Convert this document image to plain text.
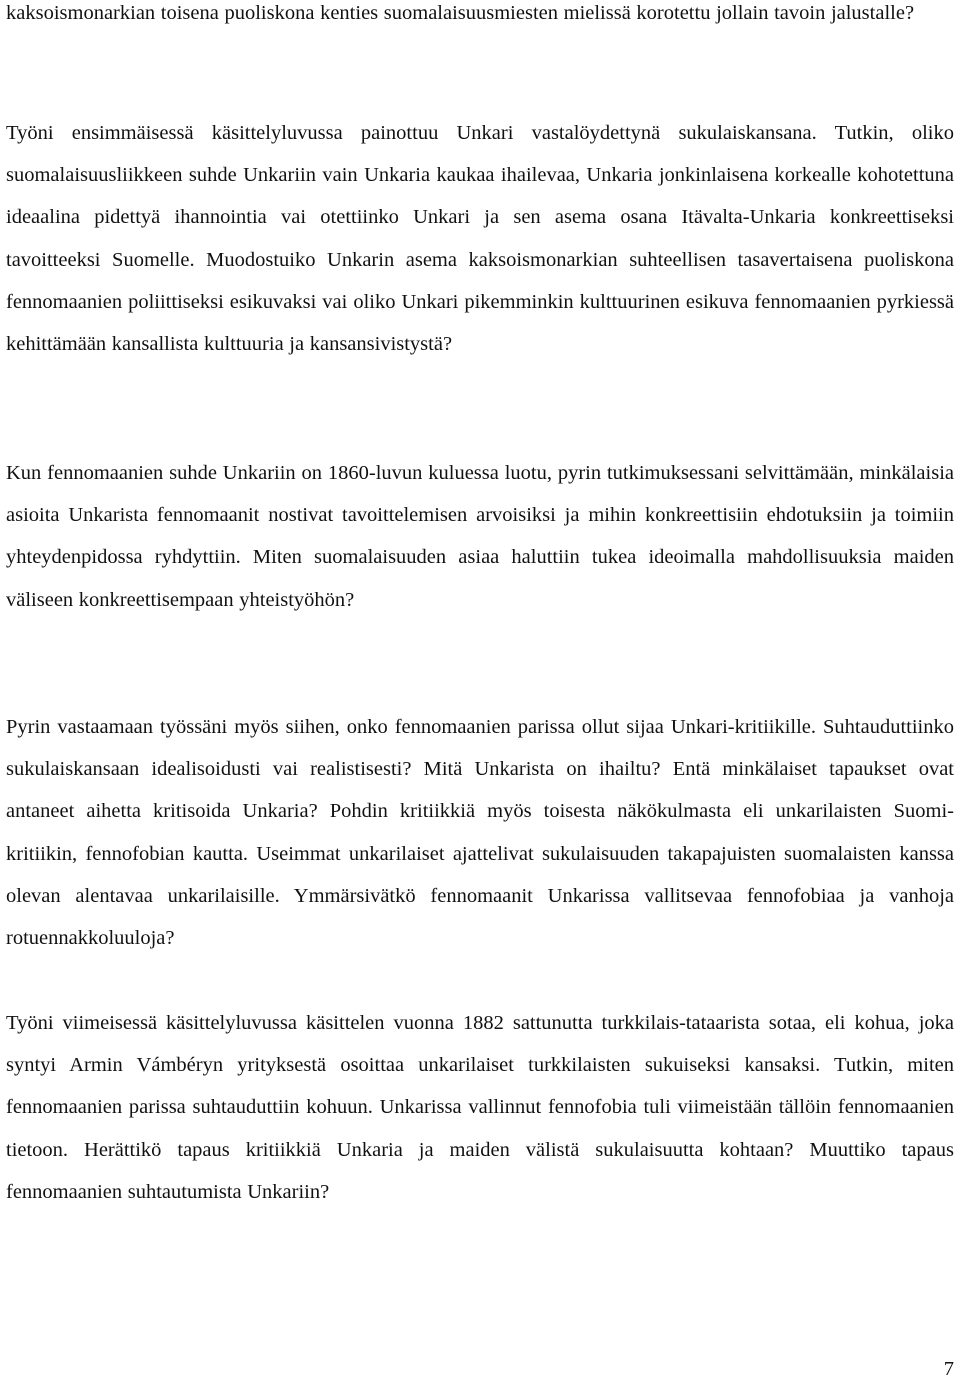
kaksoismonarkian toisena puoliskona kenties suomalaisuusmiesten mielissä korotettu jollain tavoin jalustalle?

Työni ensimmäisessä käsittelyluvussa painottuu Unkari vastalöydettynä sukulaiskansana. Tutkin, oliko suomalaisuusliikkeen suhde Unkariin vain Unkaria kaukaa ihailevaa, Unkaria jonkinlaisena korkealle kohotettuna ideaalina pidettyä ihannointia vai otettiinko Unkari ja sen asema osana Itävalta-Unkaria konkreettiseksi tavoitteeksi Suomelle. Muodostuiko Unkarin asema kaksoismonarkian suhteellisen tasavertaisena puoliskona fennomaanien poliittiseksi esikuvaksi vai oliko Unkari pikemminkin kulttuurinen esikuva fennomaanien pyrkiessä kehittämään kansallista kulttuuria ja kansansivistystä?

Kun fennomaanien suhde Unkariin on 1860-luvun kuluessa luotu, pyrin tutkimuksessani selvittämään, minkälaisia asioita Unkarista fennomaanit nostivat tavoittelemisen arvoisiksi ja mihin konkreettisiin ehdotuksiin ja toimiin yhteydenpidossa ryhdyttiin. Miten suomalaisuuden asiaa haluttiin tukea ideoimalla mahdollisuuksia maiden väliseen konkreettisempaan yhteistyöhön?

Pyrin vastaamaan työssäni myös siihen, onko fennomaanien parissa ollut sijaa Unkari-kritiikille. Suhtauduttiinko sukulaiskansaan idealisoidusti vai realistisesti? Mitä Unkarista on ihailtu? Entä minkälaiset tapaukset ovat antaneet aihetta kritisoida Unkaria? Pohdin kritiikkiä myös toisesta näkökulmasta eli unkarilaisten Suomi-kritiikin, fennofobian kautta. Useimmat unkarilaiset ajattelivat sukulaisuuden takapajuisten suomalaisten kanssa olevan alentavaa unkarilaisille. Ymmärsivätkö fennomaanit Unkarissa vallitsevaa fennofobiaa ja vanhoja rotuennakkoluuloja?

Työni viimeisessä käsittelyluvussa käsittelen vuonna 1882 sattunutta turkkilais-tataarista sotaa, eli kohua, joka syntyi Armin Vámbéryn yrityksestä osoittaa unkarilaiset turkkilaisten sukuiseksi kansaksi. Tutkin, miten fennomaanien parissa suhtauduttiin kohuun. Unkarissa vallinnut fennofobia tuli viimeistään tällöin fennomaanien tietoon. Herättikö tapaus kritiikkiä Unkaria ja maiden välistä sukulaisuutta kohtaan? Muuttiko tapaus fennomaanien suhtautumista Unkariin?

7
